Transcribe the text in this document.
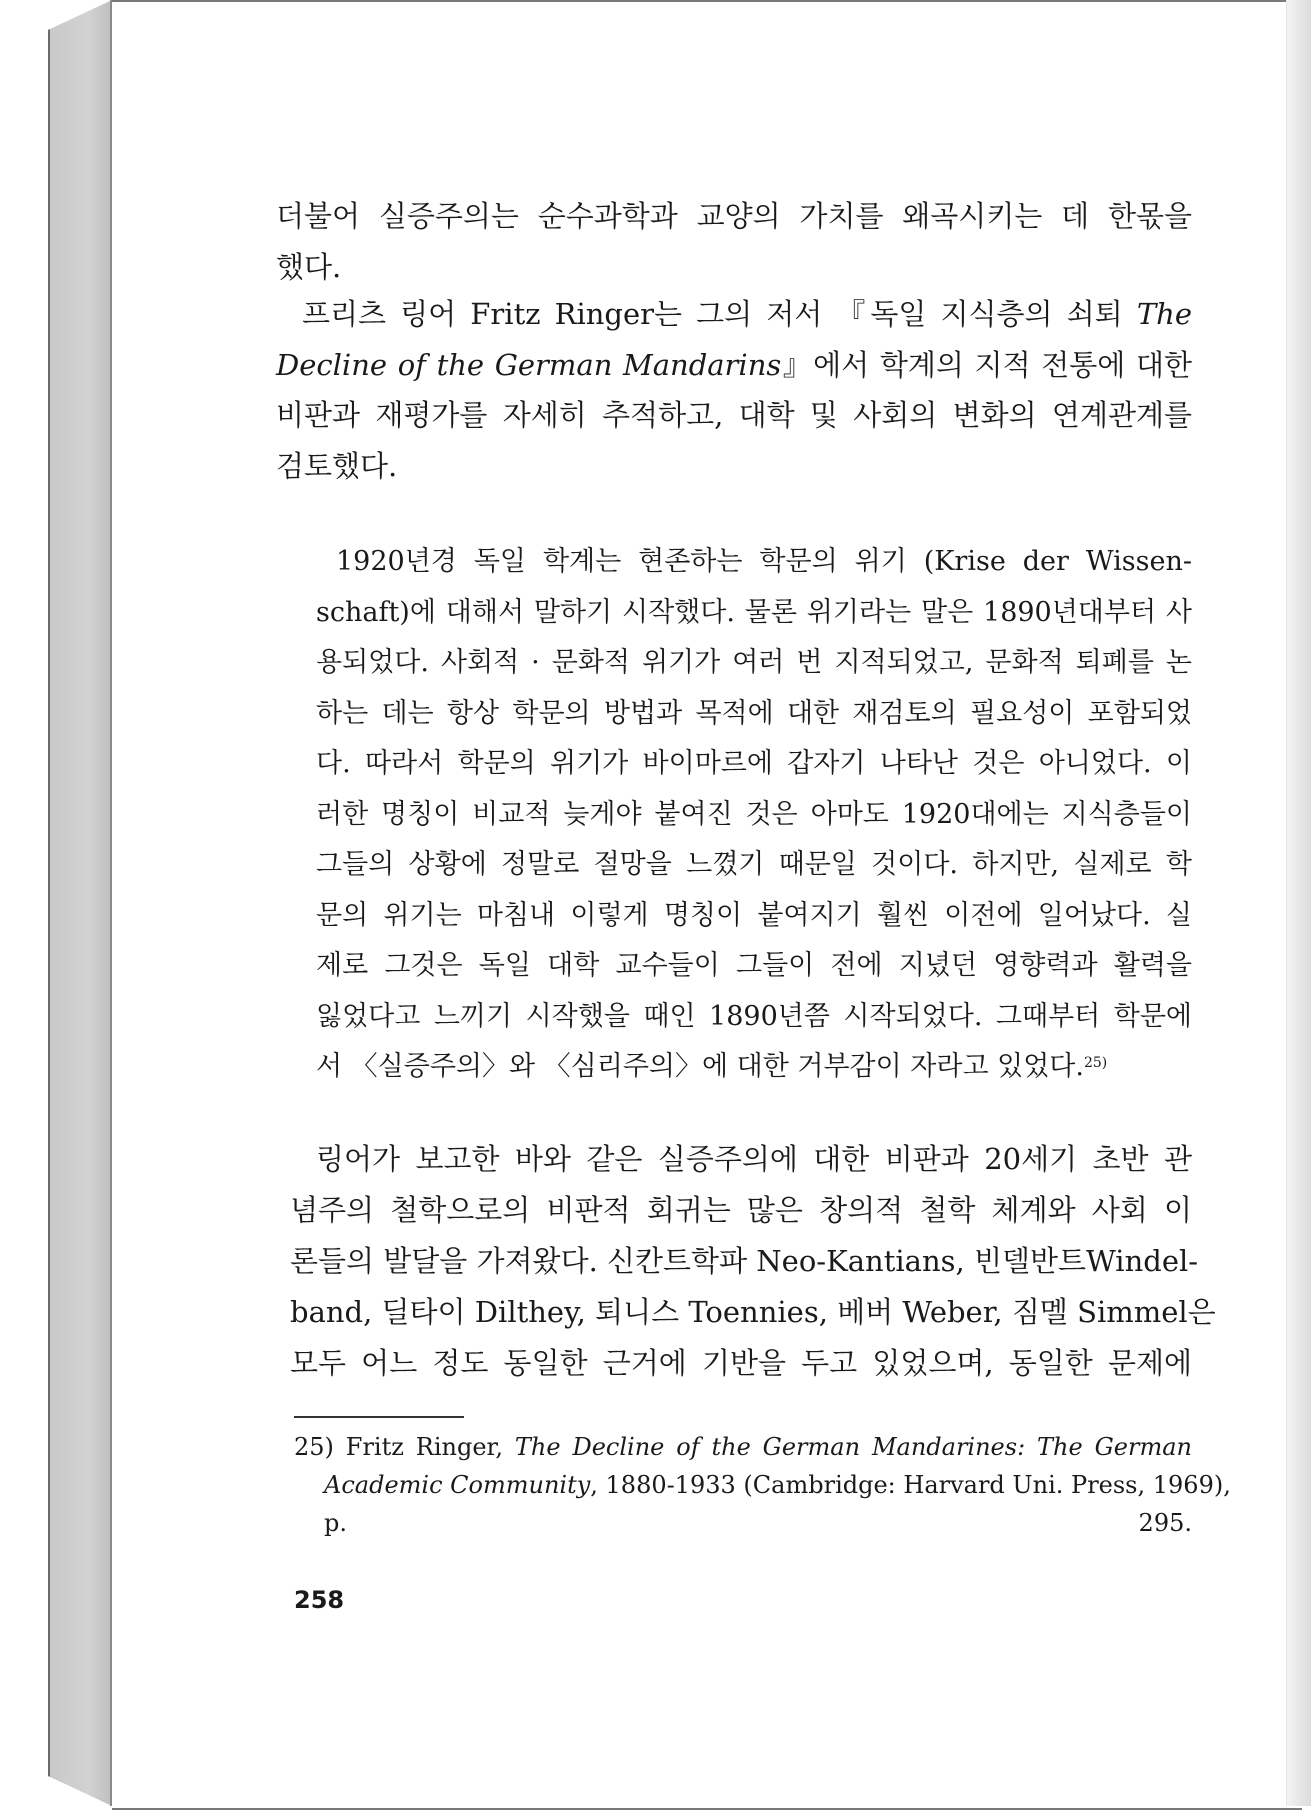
더불어 실증주의는 순수과학과 교양의 가치를 왜곡시키는 데 한몫을
했다.
프리츠 링어 Fritz Ringer는 그의 저서 『독일 지식층의 쇠퇴 The
Decline of the German Mandarins』에서 학계의 지적 전통에 대한
비판과 재평가를 자세히 추적하고, 대학 및 사회의 변화의 연계관계를
검토했다.
1920년경 독일 학계는 현존하는 학문의 위기 (Krise der Wissen-
schaft)에 대해서 말하기 시작했다. 물론 위기라는 말은 1890년대부터 사
용되었다. 사회적 · 문화적 위기가 여러 번 지적되었고, 문화적 퇴폐를 논
하는 데는 항상 학문의 방법과 목적에 대한 재검토의 필요성이 포함되었
다. 따라서 학문의 위기가 바이마르에 갑자기 나타난 것은 아니었다. 이
러한 명칭이 비교적 늦게야 붙여진 것은 아마도 1920대에는 지식층들이
그들의 상황에 정말로 절망을 느꼈기 때문일 것이다. 하지만, 실제로 학
문의 위기는 마침내 이렇게 명칭이 붙여지기 훨씬 이전에 일어났다. 실
제로 그것은 독일 대학 교수들이 그들이 전에 지녔던 영향력과 활력을
잃었다고 느끼기 시작했을 때인 1890년쯤 시작되었다. 그때부터 학문에
서 〈실증주의〉와 〈심리주의〉에 대한 거부감이 자라고 있었다.$^{25)}$
링어가 보고한 바와 같은 실증주의에 대한 비판과 20세기 초반 관
념주의 철학으로의 비판적 회귀는 많은 창의적 철학 체계와 사회 이
론들의 발달을 가져왔다. 신칸트학파 Neo-Kantians, 빈델반트Windel-
band, 딜타이 Dilthey, 퇴니스 Toennies, 베버 Weber, 짐멜 Simmel은
모두 어느 정도 동일한 근거에 기반을 두고 있었으며, 동일한 문제에
25) Fritz Ringer, The Decline of the German Mandarines: The German
Academic Community, 1880-1933 (Cambridge: Harvard Uni. Press, 1969),
p. 295.
258
